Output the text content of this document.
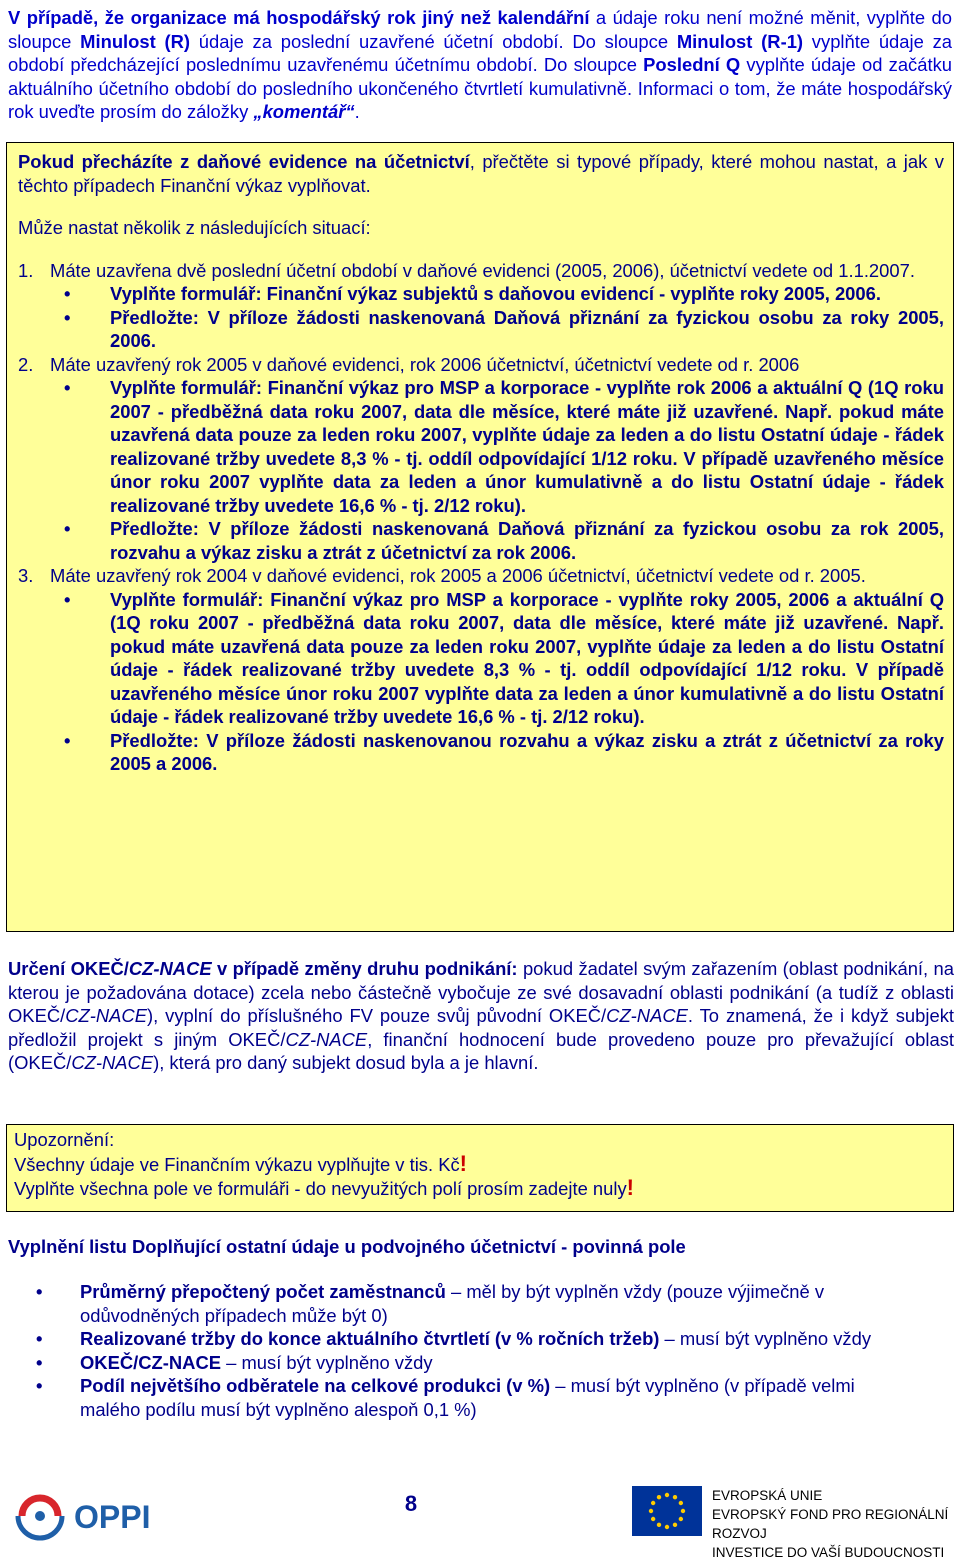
V případě, že organizace má hospodářský rok jiný než kalendářní a údaje roku není možné měnit, vyplňte do sloupce Minulost (R) údaje za poslední uzavřené účetní období. Do sloupce Minulost (R-1) vyplňte údaje za období předcházející poslednímu uzavřenému účetnímu období. Do sloupce Poslední Q vyplňte údaje od začátku aktuálního účetního období do posledního ukončeného čtvrtletí kumulativně. Informaci o tom, že máte hospodářský rok uveďte prosím do záložky „komentář“.

Pokud přecházíte z daňové evidence na účetnictví, přečtěte si typové případy, které mohou nastat, a jak v těchto případech Finanční výkaz vyplňovat.

Může nastat několik z následujících situací:

1. Máte uzavřena dvě poslední účetní období v daňové evidenci (2005, 2006), účetnictví vedete od 1.1.2007.
•	Vyplňte formulář: Finanční výkaz subjektů s daňovou evidencí - vyplňte roky 2005, 2006.
•	Předložte: V příloze žádosti naskenovaná Daňová přiznání za fyzickou osobu za roky 2005, 2006.
2. Máte uzavřený rok 2005 v daňové evidenci, rok 2006 účetnictví, účetnictví vedete od r. 2006
•	Vyplňte formulář: Finanční výkaz pro MSP a korporace - vyplňte rok 2006 a aktuální Q (1Q roku 2007 - předběžná data roku 2007, data dle měsíce, které máte již uzavřené. Např. pokud máte uzavřená data pouze za leden roku 2007, vyplňte údaje za leden a do listu Ostatní údaje - řádek realizované tržby uvedete 8,3 % - tj. oddíl odpovídající 1/12 roku. V případě uzavřeného měsíce únor roku 2007 vyplňte data za leden a únor kumulativně a do listu Ostatní údaje - řádek realizované tržby uvedete 16,6 % - tj. 2/12 roku).
•	Předložte: V příloze žádosti naskenovaná Daňová přiznání za fyzickou osobu za rok 2005, rozvahu a výkaz zisku a ztrát z účetnictví za rok 2006.
3. Máte uzavřený rok 2004 v daňové evidenci, rok 2005 a 2006 účetnictví, účetnictví vedete od r. 2005.
•	Vyplňte formulář: Finanční výkaz pro MSP a korporace - vyplňte roky 2005, 2006 a aktuální Q (1Q roku 2007 - předběžná data roku 2007, data dle měsíce, které máte již uzavřené. Např. pokud máte uzavřená data pouze za leden roku 2007, vyplňte údaje za leden a do listu Ostatní údaje - řádek realizované tržby uvedete 8,3 % - tj. oddíl odpovídající 1/12 roku. V případě uzavřeného měsíce únor roku 2007 vyplňte data za leden a únor kumulativně a do listu Ostatní údaje - řádek realizované tržby uvedete 16,6 % - tj. 2/12 roku).
•	Předložte: V příloze žádosti naskenovanou rozvahu a výkaz zisku a ztrát z účetnictví za roky 2005 a 2006.

Určení OKEČ/CZ-NACE v případě změny druhu podnikání: pokud žadatel svým zařazením (oblast podnikání, na kterou je požadována dotace) zcela nebo částečně vybočuje ze své dosavadní oblasti podnikání (a tudíž z oblasti OKEČ/CZ-NACE), vyplní do příslušného FV pouze svůj původní OKEČ/CZ-NACE. To znamená, že i když subjekt předložil projekt s jiným OKEČ/CZ-NACE, finanční hodnocení bude provedeno pouze pro převažující oblast (OKEČ/CZ-NACE), která pro daný subjekt dosud byla a je hlavní.

Upozornění:

Všechny údaje ve Finančním výkazu vyplňujte v tis. Kč!

Vyplňte všechna pole ve formuláři - do nevyužitých polí prosím zadejte nuly!

Vyplnění listu Doplňující ostatní údaje u podvojného účetnictví - povinná pole

•	Průměrný přepočtený počet zaměstnanců – měl by být vyplněn vždy (pouze výjimečně v odůvodněných případech může být 0)
•	Realizované tržby do konce aktuálního čtvrtletí (v % ročních tržeb) – musí být vyplněno vždy
•	OKEČ/CZ-NACE – musí být vyplněno vždy
•	Podíl největšího odběratele na celkové produkci (v %) – musí být vyplněno (v případě velmi malého podílu musí být vyplněno alespoň 0,1 %)
OPPI	8	EVROPSKÁ UNIE
EVROPSKÝ FOND PRO REGIONÁLNÍ ROZVOJ
INVESTICE DO VAŠÍ BUDOUCNOSTI
